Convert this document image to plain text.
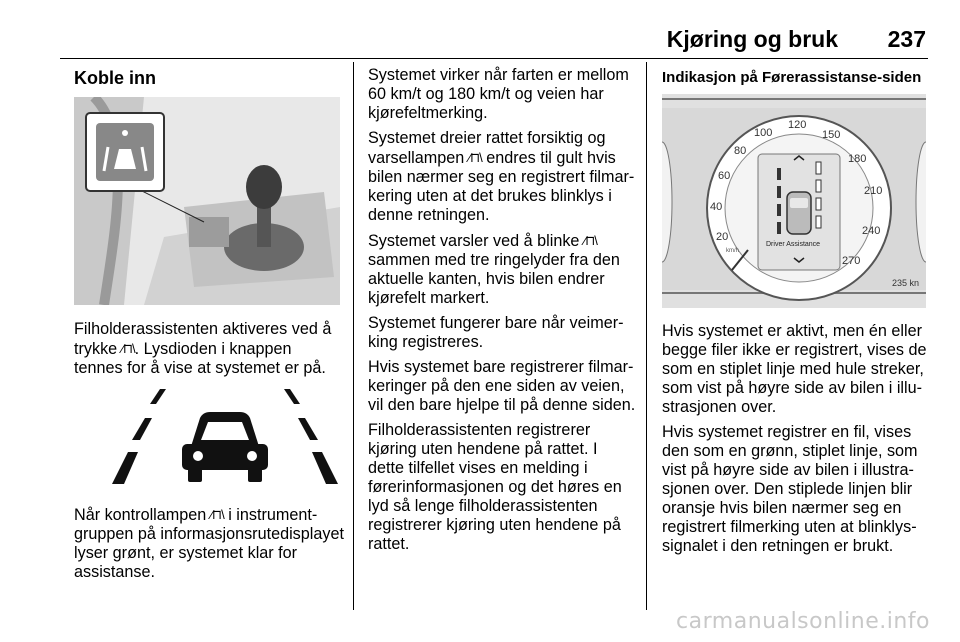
Kjøring og bruk 237
Koble inn

Filholderassistenten aktiveres ved å trykke ⁄⊓\. Lysdioden i knappen tennes for å vise at systemet er på.

Når kontrollampen ⁄⊓\ i instrumentgruppen på informasjonsrutedisplayet lyser grønt, er systemet klar for assistanse.

Systemet virker når farten er mellom 60 km/t og 180 km/t og veien har kjørefeltmerking.

Systemet dreier rattet forsiktig og varsellampen ⁄⊓\ endres til gult hvis bilen nærmer seg en registrert filmarkering uten at det brukes blinklys i denne retningen.

Systemet varsler ved å blinke ⁄⊓\ sammen med tre ringelyder fra den aktuelle kanten, hvis bilen endrer kjørefelt markert.

Systemet fungerer bare når veimerking registreres.

Hvis systemet bare registrerer filmarkeringer på den ene siden av veien, vil den bare hjelpe til på denne siden.

Filholderassistenten registrerer kjøring uten hendene på rattet. I dette tilfellet vises en melding i førerinformasjonen og det høres en lyd så lenge filholderassistenten registrerer kjøring uten hendene på rattet.

Indikasjon på Førerassistanse-siden
100
80
60
40
20
120
150
180
210
240
270
km/h
Driver Assistance
235 kn

Hvis systemet er aktivt, men én eller begge filer ikke er registrert, vises de som en stiplet linje med hule streker, som vist på høyre side av bilen i illustrasjonen over.

Hvis systemet registrer en fil, vises den som en grønn, stiplet linje, som vist på høyre side av bilen i illustrasjonen over. Den stiplede linjen blir oransje hvis bilen nærmer seg en registrert filmerking uten at blinklyssignalet i den retningen er brukt.

carmanualsonline.info
